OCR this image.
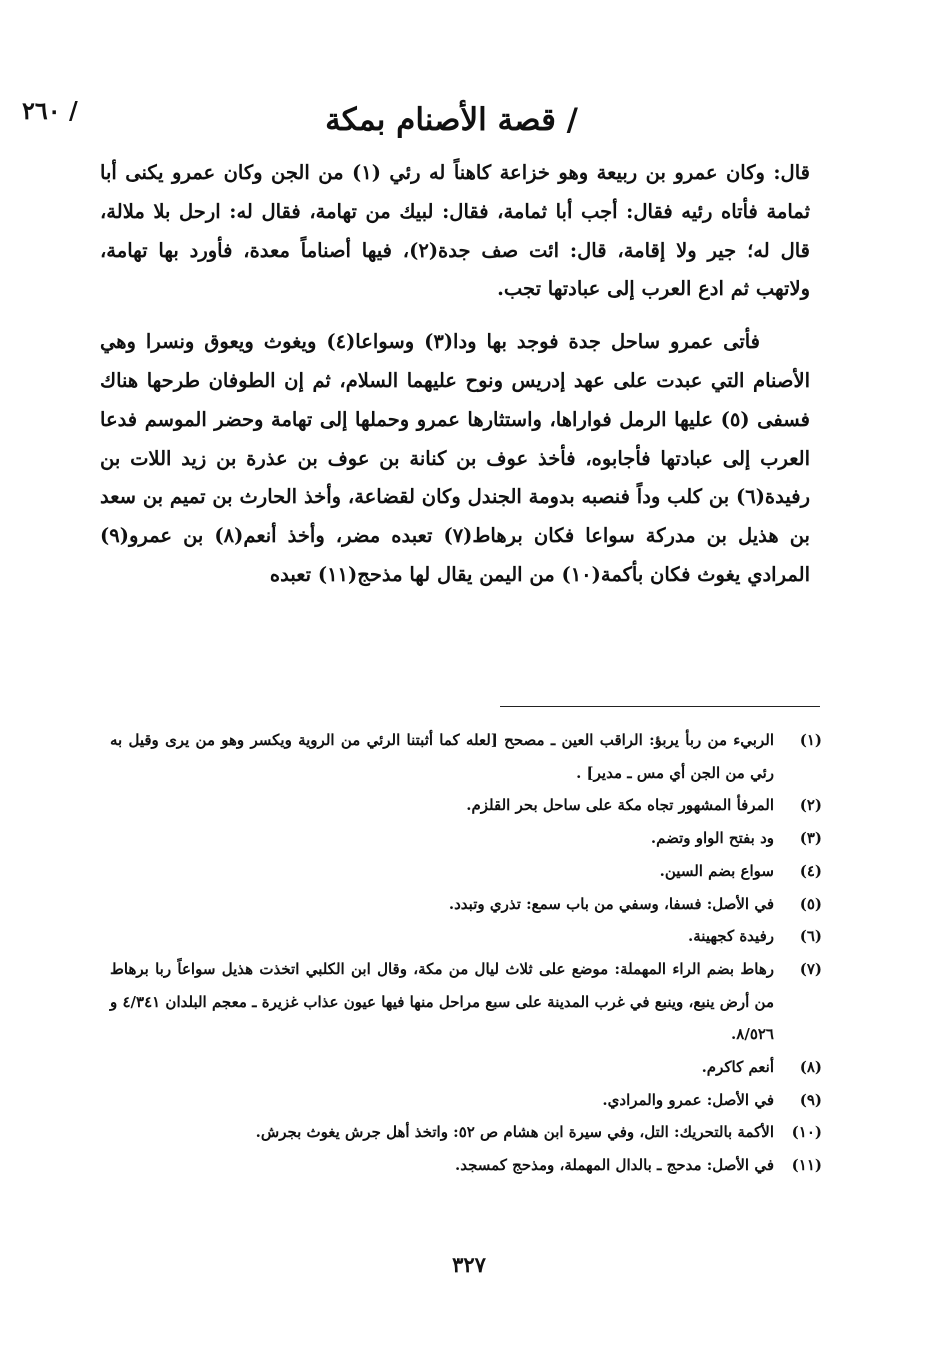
/ ٢٦٠	/ قصة الأصنام بمكة

قال: وكان عمرو بن ربيعة وهو خزاعة كاهناً له رئي (١) من الجن وكان عمرو يكنى أبا ثمامة فأتاه رئيه فقال: أجب أبا ثمامة، فقال: لبيك من تهامة، فقال له: ارحل بلا ملالة، قال له؛ جير ولا إقامة، قال: ائت صف جدة(٢)، فيها أصناماً معدة، فأورد بها تهامة، ولاتهب ثم ادع العرب إلى عبادتها تجب.

فأتى عمرو ساحل جدة فوجد بها ودا(٣) وسواعا(٤) ويغوث ويعوق ونسرا وهي الأصنام التي عبدت على عهد إدريس ونوح عليهما السلام، ثم إن الطوفان طرحها هناك فسفى (٥) عليها الرمل فواراها، واستثارها عمرو وحملها إلى تهامة وحضر الموسم فدعا العرب إلى عبادتها فأجابوه، فأخذ عوف بن كنانة بن عوف بن عذرة بن زيد اللات بن رفيدة(٦) بن كلب وداً فنصبه بدومة الجندل وكان لقضاعة، وأخذ الحارث بن تميم بن سعد بن هذيل بن مدركة سواعا فكان برهاط(٧) تعبده مضر، وأخذ أنعم(٨) بن عمرو(٩) المرادي يغوث فكان بأكمة(١٠) من اليمن يقال لها مذحج(١١) تعبده

(١)
الربيء من ربأ يربؤ: الراقب العين ـ مصحح [لعله كما أثبتنا الرئي من الروية ويكسر وهو من يرى وقيل به رئي من الجن أي مس ـ مدير] .
(٢)
المرفأ المشهور تجاه مكة على ساحل بحر القلزم.
(٣)
ود بفتح الواو وتضم.
(٤)
سواع بضم السين.
(٥)
في الأصل: فسفا، وسفي من باب سمع: تذري وتبدد.
(٦)
رفيدة كجهينة.
(٧)
رهاط بضم الراء المهملة: موضع على ثلاث ليال من مكة، وقال ابن الكلبي اتخذت هذيل سواعاً ربا برهاط من أرض ينبع، وينبع في غرب المدينة على سبع مراحل منها فيها عيون عذاب غزيرة ـ معجم البلدان ٤/٣٤١ و ٨/٥٢٦.
(٨)
أنعم كاكرم.
(٩)
في الأصل: عمرو والمرادي.
(١٠)
الأكمة بالتحريك: التل، وفي سيرة ابن هشام ص ٥٢: واتخذ أهل جرش يغوث بجرش.
(١١)
في الأصل: مدحج ـ بالدال المهملة، ومذحج كمسجد.
٣٢٧
